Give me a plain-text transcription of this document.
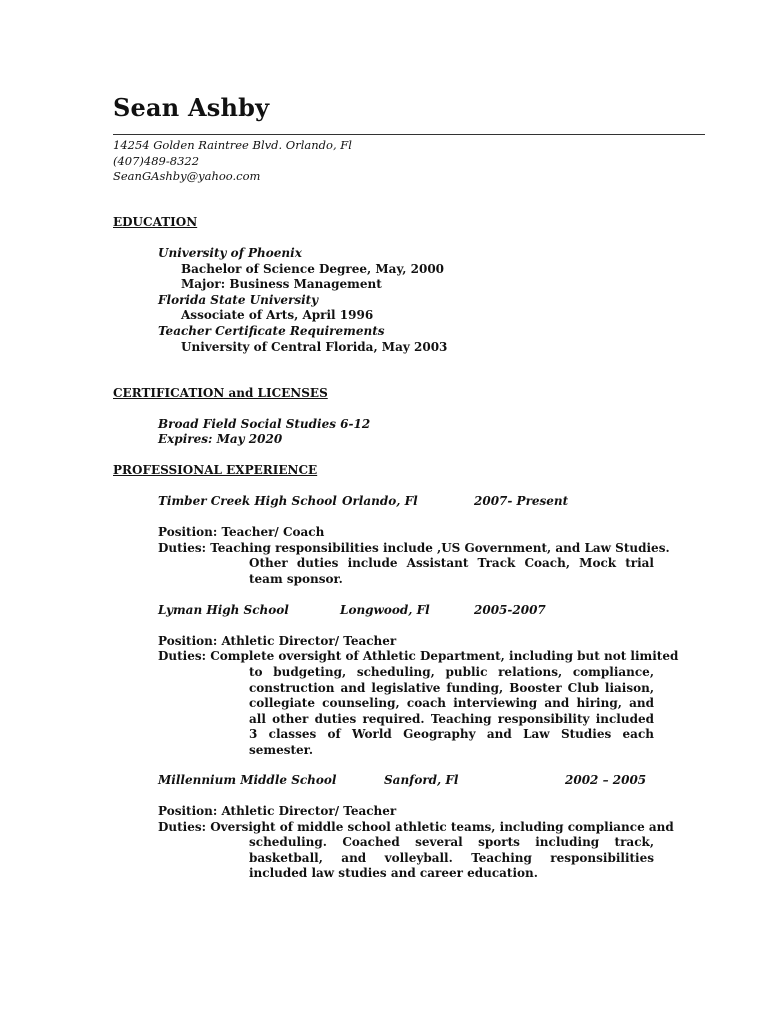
Sean Ashby
14254 Golden Raintree Blvd. Orlando, Fl
(407)489-8322
SeanGAshby@yahoo.com
EDUCATION
University of Phoenix
Bachelor of Science Degree, May, 2000
Major: Business Management
Florida State University
Associate of Arts, April 1996
Teacher Certificate Requirements
University of Central Florida, May 2003
CERTIFICATION and LICENSES
Broad Field Social Studies 6-12
Expires: May 2020
PROFESSIONAL EXPERIENCE
Timber Creek High School Orlando, Fl	2007- Present
Position: Teacher/ Coach
Duties: Teaching responsibilities include ,US Government, and Law Studies.
Other duties include Assistant Track Coach, Mock trial team sponsor.
Lyman High School	Longwood, Fl	2005-2007
Position: Athletic Director/ Teacher
Duties: Complete oversight of Athletic Department, including but not limited
to budgeting, scheduling, public relations, compliance, construction and legislative funding, Booster Club liaison, collegiate counseling, coach interviewing and hiring, and all other duties required. Teaching responsibility included 3 classes of World Geography and Law Studies each semester.
Millennium Middle School	Sanford, Fl	2002 – 2005
Position: Athletic Director/ Teacher
Duties: Oversight of middle school athletic teams, including compliance and
scheduling. Coached several sports including track, basketball, and volleyball. Teaching responsibilities included law studies and career education.
